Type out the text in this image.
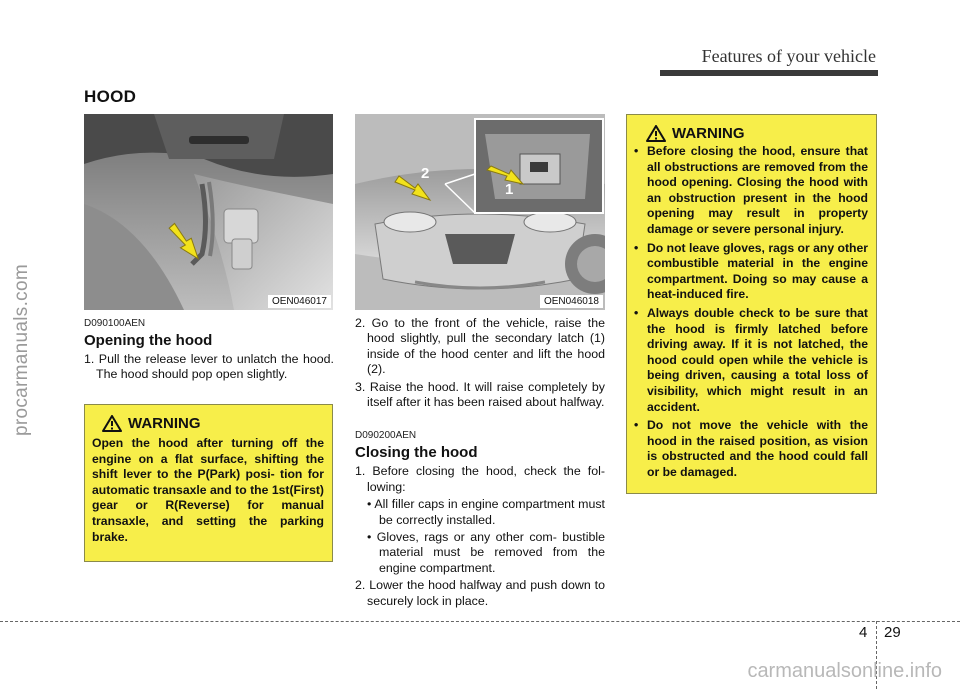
procarmanuals.com
Features of your vehicle
HOOD
OEN046017
1
2
OEN046018
D090100AEN
Opening the hood
1. Pull the release lever to unlatch the hood. The hood should pop open slightly.
WARNING
Open the hood after turning off the engine on a flat surface, shifting the shift lever to the P(Park) posi- tion for automatic transaxle and to the 1st(First) gear or R(Reverse) for manual transaxle, and setting the parking brake.
2. Go to the front of the vehicle, raise the hood slightly, pull the secondary latch (1) inside of the hood center and lift the hood (2).
3. Raise the hood. It will raise completely by itself after it has been raised about halfway.
D090200AEN
Closing the hood
1. Before closing the hood, check the fol- lowing:
• All filler caps in engine compartment must be correctly installed.
• Gloves, rags or any other com- bustible material must be removed from the engine compartment.
2. Lower the hood halfway and push down to securely lock in place.
WARNING
• Before closing the hood, ensure that all obstructions are removed from the hood opening. Closing the hood with an obstruction present in the hood opening may result in property damage or severe personal injury.
• Do not leave gloves, rags or any other combustible material in the engine compartment. Doing so may cause a heat-induced fire.
• Always double check to be sure that the hood is firmly latched before driving away. If it is not latched, the hood could open while the vehicle is being driven, causing a total loss of visibility, which might result in an accident.
• Do not move the vehicle with the hood in the raised position, as vision is obstructed and the hood could fall or be damaged.
4 29
carmanualsonline.info
